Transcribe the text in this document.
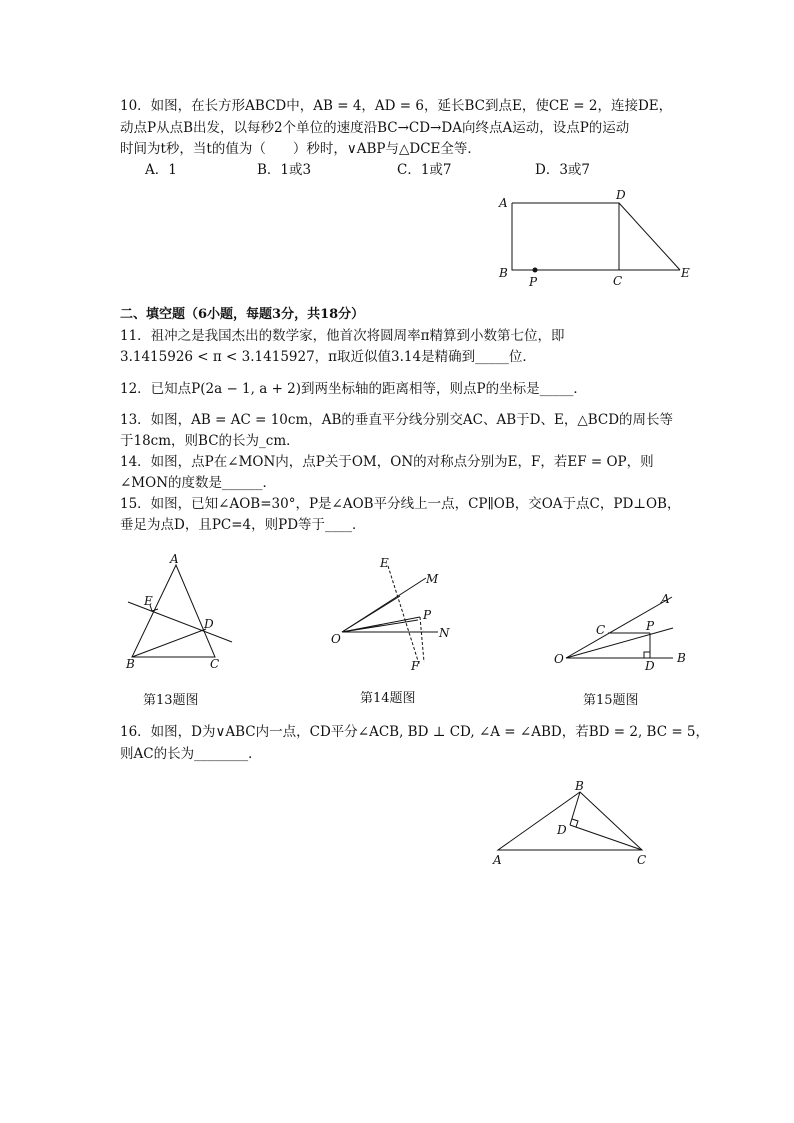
10．如图，在长方形ABCD中，AB = 4，AD = 6，延长BC到点E，使CE = 2，连接DE，
动点P从点B出发，以每秒2个单位的速度沿BC→CD→DA向终点A运动，设点P的运动
时间为t秒，当t的值为（　　）秒时，∨ABP与△DCE全等．
A．1	B．1或3	C．1或7	D．3或7
A
D
B
P	C
E
二、填空题（6小题，每题3分，共18分）
11．祖冲之是我国杰出的数学家，他首次将圆周率π精算到小数第七位，即
3.1415926 < π < 3.1415927，π取近似值3.14是精确到_____位．
12．已知点P(2a − 1, a + 2)到两坐标轴的距离相等，则点P的坐标是_____．
13．如图，AB = AC = 10cm，AB的垂直平分线分别交AC、AB于D、E，△BCD的周长等
于18cm，则BC的长为_cm．
14．如图，点P在∠MON内，点P关于OM，ON的对称点分别为E，F，若EF = OP，则
∠MON的度数是______．
15．如图，已知∠AOB=30°，P是∠AOB平分线上一点，CP∥OB，交OA于点C，PD⊥OB，
垂足为点D，且PC=4，则PD等于____．
A
E
D
B	C
E
M
P
O	N
F
A
C	P
O	D
B
第13题图	第14题图	第15题图
16．如图，D为∨ABC内一点，CD平分∠ACB, BD ⊥ CD, ∠A = ∠ABD，若BD = 2, BC = 5，
则AC的长为________．
B
D
A	C
